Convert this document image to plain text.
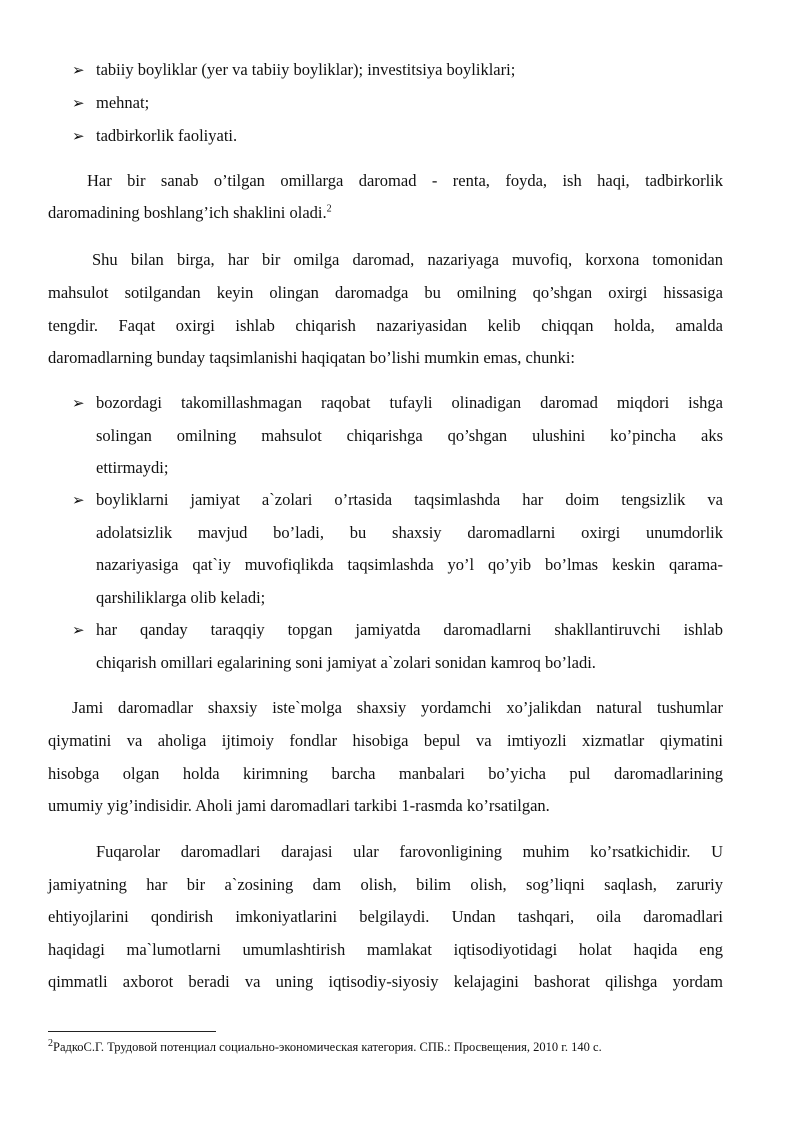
➢ tabiiy boyliklar (yer va tabiiy boyliklar); investitsiya boyliklari;
➢ mehnat;
➢ tadbirkorlik faoliyati.
Har bir sanab o’tilgan omillarga daromad - renta, foyda, ish haqi, tadbirkorlik
daromadining boshlang’ich shaklini oladi.$^2$
Shu bilan birga, har bir omilga daromad, nazariyaga muvofiq, korxona tomonidan
mahsulot sotilgandan keyin olingan daromadga bu omilning qo’shgan oxirgi hissasiga
tengdir. Faqat oxirgi ishlab chiqarish nazariyasidan kelib chiqqan holda, amalda
daromadlarning bunday taqsimlanishi haqiqatan bo’lishi mumkin emas, chunki:
➢ bozordagi takomillashmagan raqobat tufayli olinadigan daromad miqdori ishga
solingan omilning mahsulot chiqarishga qo’shgan ulushini ko’pincha aks
ettirmaydi;
➢ boyliklarni jamiyat a`zolari o’rtasida taqsimlashda har doim tengsizlik va
adolatsizlik mavjud bo’ladi, bu shaxsiy daromadlarni oxirgi unumdorlik
nazariyasiga qat`iy muvofiqlikda taqsimlashda yo’l qo’yib bo’lmas keskin qarama-
qarshiliklarga olib keladi;
➢ har qanday taraqqiy topgan jamiyatda daromadlarni shakllantiruvchi ishlab
chiqarish omillari egalarining soni jamiyat a`zolari sonidan kamroq bo’ladi.
Jami daromadlar shaxsiy iste`molga shaxsiy yordamchi xo’jalikdan natural tushumlar
qiymatini va aholiga ijtimoiy fondlar hisobiga bepul va imtiyozli xizmatlar qiymatini
hisobga olgan holda kirimning barcha manbalari bo’yicha pul daromadlarining
umumiy yig’indisidir. Aholi jami daromadlari tarkibi 1-rasmda ko’rsatilgan.
Fuqarolar daromadlari darajasi ular farovonligining muhim ko’rsatkichidir. U
jamiyatning har bir a`zosining dam olish, bilim olish, sog’liqni saqlash, zaruriy
ehtiyojlarini qondirish imkoniyatlarini belgilaydi. Undan tashqari, oila daromadlari
haqidagi ma`lumotlarni umumlashtirish mamlakat iqtisodiyotidagi holat haqida eng
qimmatli axborot beradi va uning iqtisodiy-siyosiy kelajagini bashorat qilishga yordam
$^2$РадкоС.Г. Трудовой потенциал социально-экономическая категория. СПБ.: Просвещения, 2010 г. 140 с.
